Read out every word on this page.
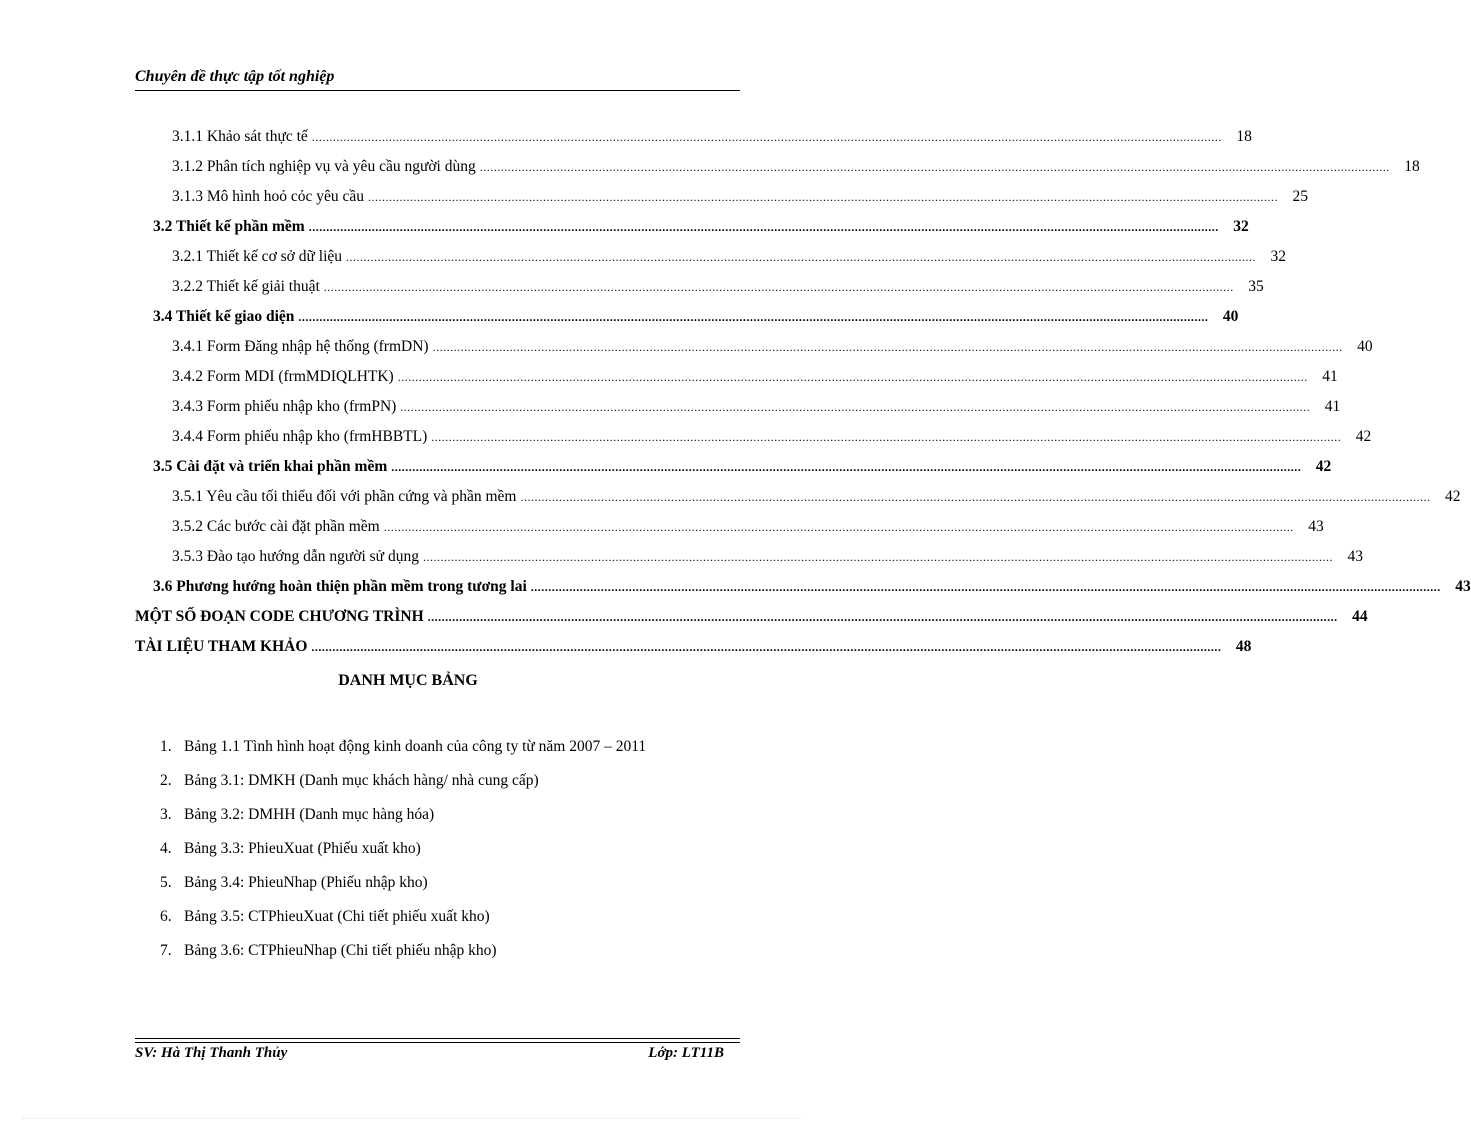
Chuyên đề thực tập tốt nghiệp
3.1.1 Khảo sát thực tế .................................................................................................................................................................................................................................................................... 18
3.1.2 Phân tích nghiệp vụ và yêu cầu người dùng .................................................................................................................................................................................................................................................................... 18
3.1.3 Mô hình hoỏ cỏc yêu cầu .................................................................................................................................................................................................................................................................... 25
3.2 Thiết kế phần mềm .................................................................................................................................................................................................................................................................... 32
3.2.1 Thiết kế cơ sở dữ liệu .................................................................................................................................................................................................................................................................... 32
3.2.2 Thiết kế giải thuật .................................................................................................................................................................................................................................................................... 35
3.4 Thiết kế giao diện .................................................................................................................................................................................................................................................................... 40
3.4.1 Form Đăng nhập hệ thống (frmDN) .................................................................................................................................................................................................................................................................... 40
3.4.2 Form MDI (frmMDIQLHTK) .................................................................................................................................................................................................................................................................... 41
3.4.3 Form phiếu nhập kho (frmPN) .................................................................................................................................................................................................................................................................... 41
3.4.4 Form phiếu nhập kho (frmHBBTL) .................................................................................................................................................................................................................................................................... 42
3.5 Cài đặt và triển khai phần mềm .................................................................................................................................................................................................................................................................... 42
3.5.1 Yêu cầu tối thiểu đối với phần cứng và phần mềm .................................................................................................................................................................................................................................................................... 42
3.5.2 Các bước cài đặt phần mềm .................................................................................................................................................................................................................................................................... 43
3.5.3 Đào tạo hướng dẫn người sử dụng .................................................................................................................................................................................................................................................................... 43
3.6 Phương hướng hoàn thiện phần mềm trong tương lai .................................................................................................................................................................................................................................................................... 43
MỘT SỐ ĐOẠN CODE CHƯƠNG TRÌNH .................................................................................................................................................................................................................................................................... 44
TÀI LIỆU THAM KHẢO .................................................................................................................................................................................................................................................................... 48
DANH MỤC BẢNG
1. Bảng 1.1 Tình hình hoạt động kinh doanh của công ty từ năm 2007 – 2011
2. Bảng 3.1: DMKH (Danh mục khách hàng/ nhà cung cấp)
3. Bảng 3.2: DMHH (Danh mục hàng hóa)
4. Bảng 3.3: PhieuXuat (Phiếu xuất kho)
5. Bảng 3.4: PhieuNhap (Phiếu nhập kho)
6. Bảng 3.5: CTPhieuXuat (Chi tiết phiếu xuất kho)
7. Bảng 3.6: CTPhieuNhap (Chi tiết phiếu nhập kho)
SV: Hà Thị Thanh Thủy	Lớp: LT11B
